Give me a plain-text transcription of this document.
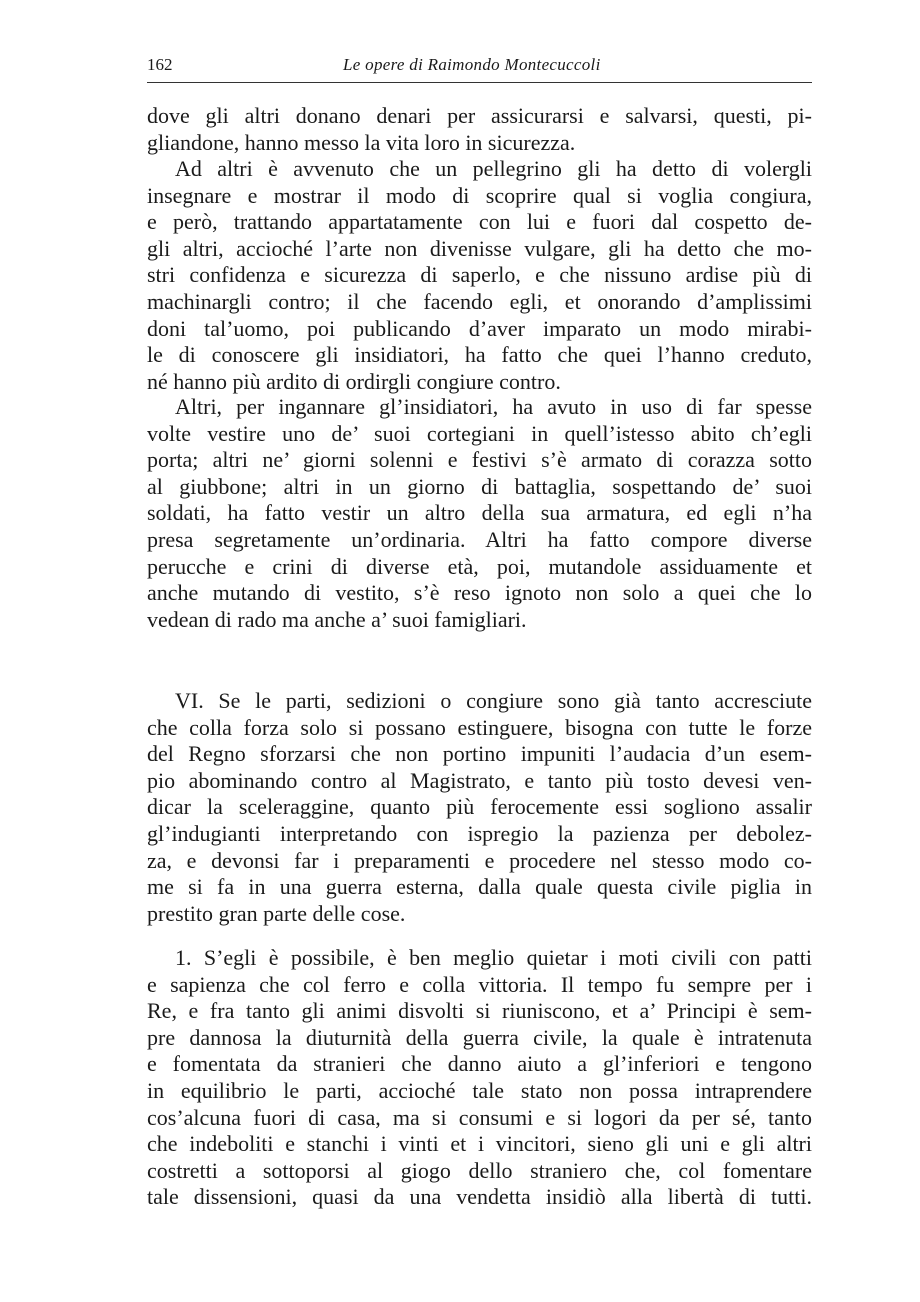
162	Le opere di Raimondo Montecuccoli
dove gli altri donano denari per assicurarsi e salvarsi, questi, pi-
gliandone, hanno messo la vita loro in sicurezza.
Ad altri è avvenuto che un pellegrino gli ha detto di volergli
insegnare e mostrar il modo di scoprire qual si voglia congiura,
e però, trattando appartatamente con lui e fuori dal cospetto de-
gli altri, accioché l’arte non divenisse vulgare, gli ha detto che mo-
stri confidenza e sicurezza di saperlo, e che nissuno ardise più di
machinargli contro; il che facendo egli, et onorando d’amplissimi
doni tal’uomo, poi publicando d’aver imparato un modo mirabi-
le di conoscere gli insidiatori, ha fatto che quei l’hanno creduto,
né hanno più ardito di ordirgli congiure contro.
Altri, per ingannare gl’insidiatori, ha avuto in uso di far spesse
volte vestire uno de’ suoi cortegiani in quell’istesso abito ch’egli
porta; altri ne’ giorni solenni e festivi s’è armato di corazza sotto
al giubbone; altri in un giorno di battaglia, sospettando de’ suoi
soldati, ha fatto vestir un altro della sua armatura, ed egli n’ha
presa segretamente un’ordinaria. Altri ha fatto compore diverse
perucche e crini di diverse età, poi, mutandole assiduamente et
anche mutando di vestito, s’è reso ignoto non solo a quei che lo
vedean di rado ma anche a’ suoi famigliari.
VI. Se le parti, sedizioni o congiure sono già tanto accresciute
che colla forza solo si possano estinguere, bisogna con tutte le forze
del Regno sforzarsi che non portino impuniti l’audacia d’un esem-
pio abominando contro al Magistrato, e tanto più tosto devesi ven-
dicar la sceleraggine, quanto più ferocemente essi sogliono assalir
gl’indugianti interpretando con ispregio la pazienza per debolez-
za, e devonsi far i preparamenti e procedere nel stesso modo co-
me si fa in una guerra esterna, dalla quale questa civile piglia in
prestito gran parte delle cose.
1. S’egli è possibile, è ben meglio quietar i moti civili con patti
e sapienza che col ferro e colla vittoria. Il tempo fu sempre per i
Re, e fra tanto gli animi disvolti si riuniscono, et a’ Principi è sem-
pre dannosa la diuturnità della guerra civile, la quale è intratenuta
e fomentata da stranieri che danno aiuto a gl’inferiori e tengono
in equilibrio le parti, accioché tale stato non possa intraprendere
cos’alcuna fuori di casa, ma si consumi e si logori da per sé, tanto
che indeboliti e stanchi i vinti et i vincitori, sieno gli uni e gli altri
costretti a sottoporsi al giogo dello straniero che, col fomentare
tale dissensioni, quasi da una vendetta insidiò alla libertà di tutti.
